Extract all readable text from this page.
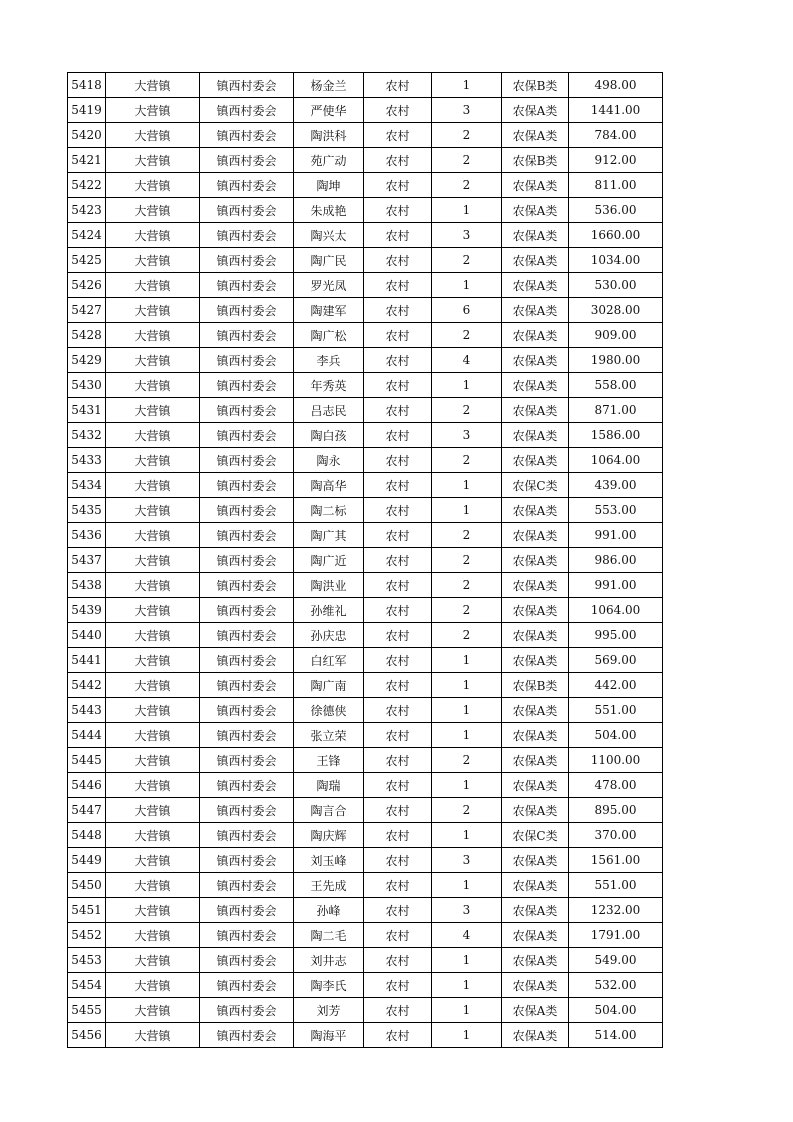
5418	大营镇	镇西村委会	杨金兰	农村	1	农保B类	498.00
5419	大营镇	镇西村委会	严使华	农村	3	农保A类	1441.00
5420	大营镇	镇西村委会	陶洪科	农村	2	农保A类	784.00
5421	大营镇	镇西村委会	苑广动	农村	2	农保B类	912.00
5422	大营镇	镇西村委会	陶坤	农村	2	农保A类	811.00
5423	大营镇	镇西村委会	朱成艳	农村	1	农保A类	536.00
5424	大营镇	镇西村委会	陶兴太	农村	3	农保A类	1660.00
5425	大营镇	镇西村委会	陶广民	农村	2	农保A类	1034.00
5426	大营镇	镇西村委会	罗光凤	农村	1	农保A类	530.00
5427	大营镇	镇西村委会	陶建军	农村	6	农保A类	3028.00
5428	大营镇	镇西村委会	陶广松	农村	2	农保A类	909.00
5429	大营镇	镇西村委会	李兵	农村	4	农保A类	1980.00
5430	大营镇	镇西村委会	年秀英	农村	1	农保A类	558.00
5431	大营镇	镇西村委会	吕志民	农村	2	农保A类	871.00
5432	大营镇	镇西村委会	陶白孩	农村	3	农保A类	1586.00
5433	大营镇	镇西村委会	陶永	农村	2	农保A类	1064.00
5434	大营镇	镇西村委会	陶高华	农村	1	农保C类	439.00
5435	大营镇	镇西村委会	陶二标	农村	1	农保A类	553.00
5436	大营镇	镇西村委会	陶广其	农村	2	农保A类	991.00
5437	大营镇	镇西村委会	陶广近	农村	2	农保A类	986.00
5438	大营镇	镇西村委会	陶洪业	农村	2	农保A类	991.00
5439	大营镇	镇西村委会	孙维礼	农村	2	农保A类	1064.00
5440	大营镇	镇西村委会	孙庆忠	农村	2	农保A类	995.00
5441	大营镇	镇西村委会	白红军	农村	1	农保A类	569.00
5442	大营镇	镇西村委会	陶广南	农村	1	农保B类	442.00
5443	大营镇	镇西村委会	徐德侠	农村	1	农保A类	551.00
5444	大营镇	镇西村委会	张立荣	农村	1	农保A类	504.00
5445	大营镇	镇西村委会	王锋	农村	2	农保A类	1100.00
5446	大营镇	镇西村委会	陶瑞	农村	1	农保A类	478.00
5447	大营镇	镇西村委会	陶言合	农村	2	农保A类	895.00
5448	大营镇	镇西村委会	陶庆辉	农村	1	农保C类	370.00
5449	大营镇	镇西村委会	刘玉峰	农村	3	农保A类	1561.00
5450	大营镇	镇西村委会	王先成	农村	1	农保A类	551.00
5451	大营镇	镇西村委会	孙峰	农村	3	农保A类	1232.00
5452	大营镇	镇西村委会	陶二毛	农村	4	农保A类	1791.00
5453	大营镇	镇西村委会	刘井志	农村	1	农保A类	549.00
5454	大营镇	镇西村委会	陶李氏	农村	1	农保A类	532.00
5455	大营镇	镇西村委会	刘芳	农村	1	农保A类	504.00
5456	大营镇	镇西村委会	陶海平	农村	1	农保A类	514.00
